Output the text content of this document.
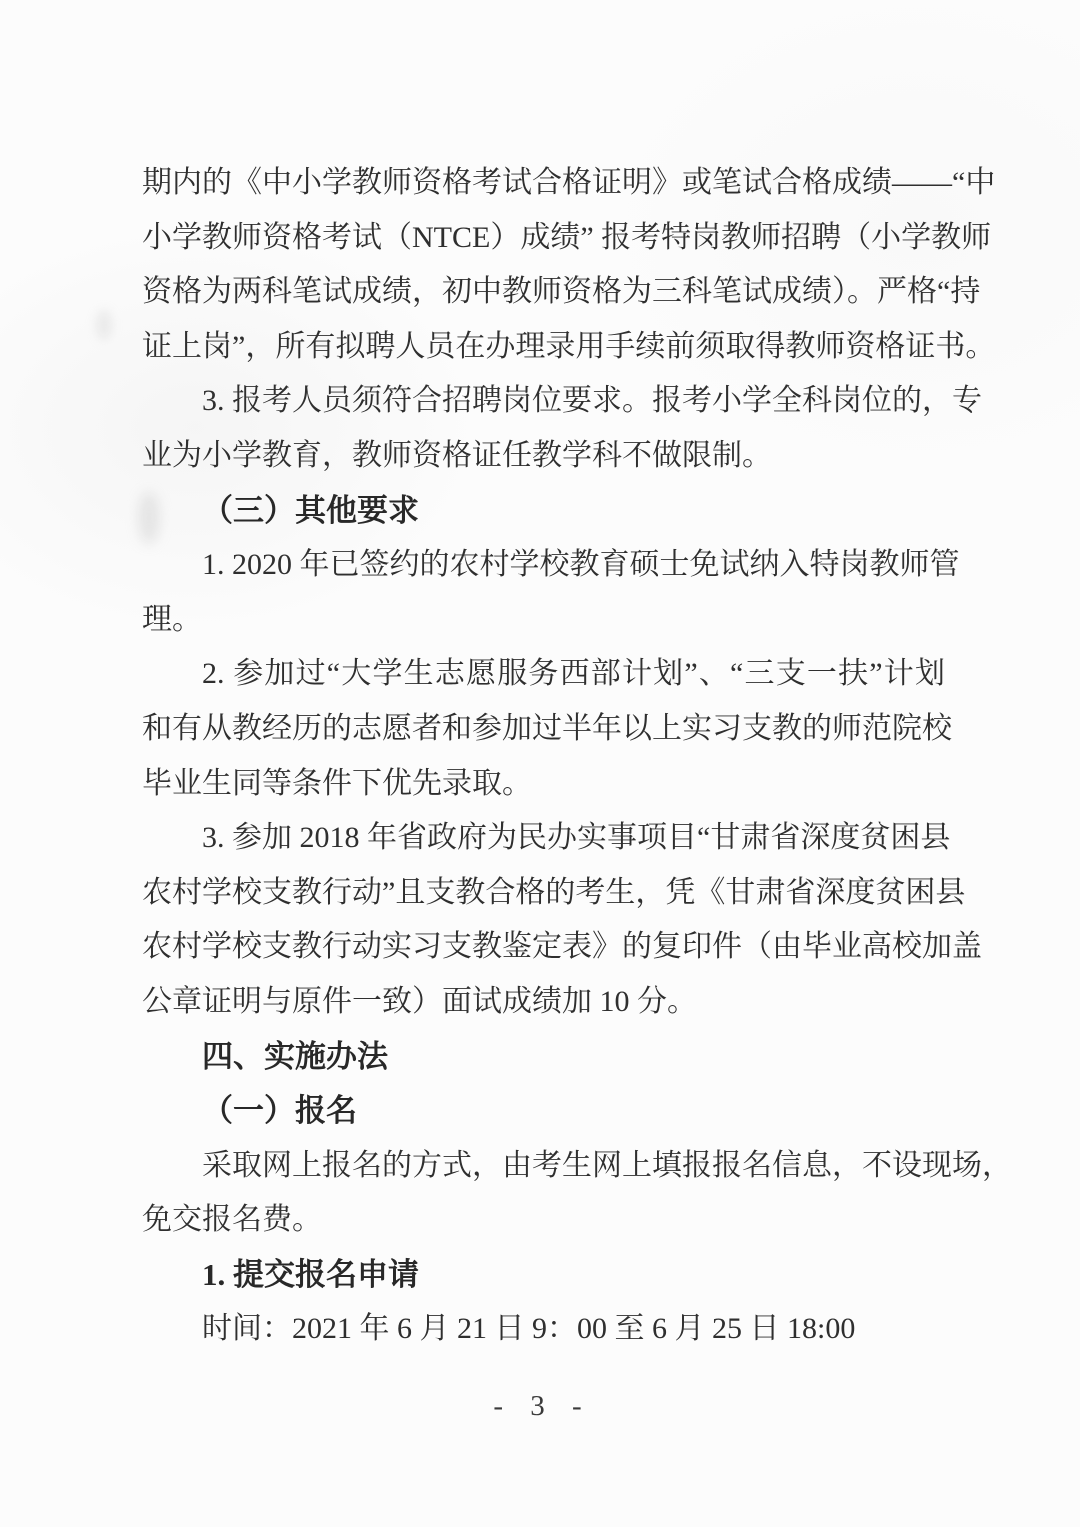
期内的《中小学教师资格考试合格证明》或笔试合格成绩——“中
小学教师资格考试（NTCE）成绩” 报考特岗教师招聘（小学教师
资格为两科笔试成绩，初中教师资格为三科笔试成绩）。严格“持
证上岗”，所有拟聘人员在办理录用手续前须取得教师资格证书。
3. 报考人员须符合招聘岗位要求。报考小学全科岗位的，专
业为小学教育，教师资格证任教学科不做限制。
（三）其他要求
1. 2020 年已签约的农村学校教育硕士免试纳入特岗教师管
理。
2. 参加过“大学生志愿服务西部计划”、“三支一扶”计划
和有从教经历的志愿者和参加过半年以上实习支教的师范院校
毕业生同等条件下优先录取。
3. 参加 2018 年省政府为民办实事项目“甘肃省深度贫困县
农村学校支教行动”且支教合格的考生，凭《甘肃省深度贫困县
农村学校支教行动实习支教鉴定表》的复印件（由毕业高校加盖
公章证明与原件一致）面试成绩加 10 分。
四、实施办法
（一）报名
采取网上报名的方式，由考生网上填报报名信息，不设现场，
免交报名费。
1. 提交报名申请
时间：2021 年 6 月 21 日 9：00 至 6 月 25 日 18:00
- 3 -
